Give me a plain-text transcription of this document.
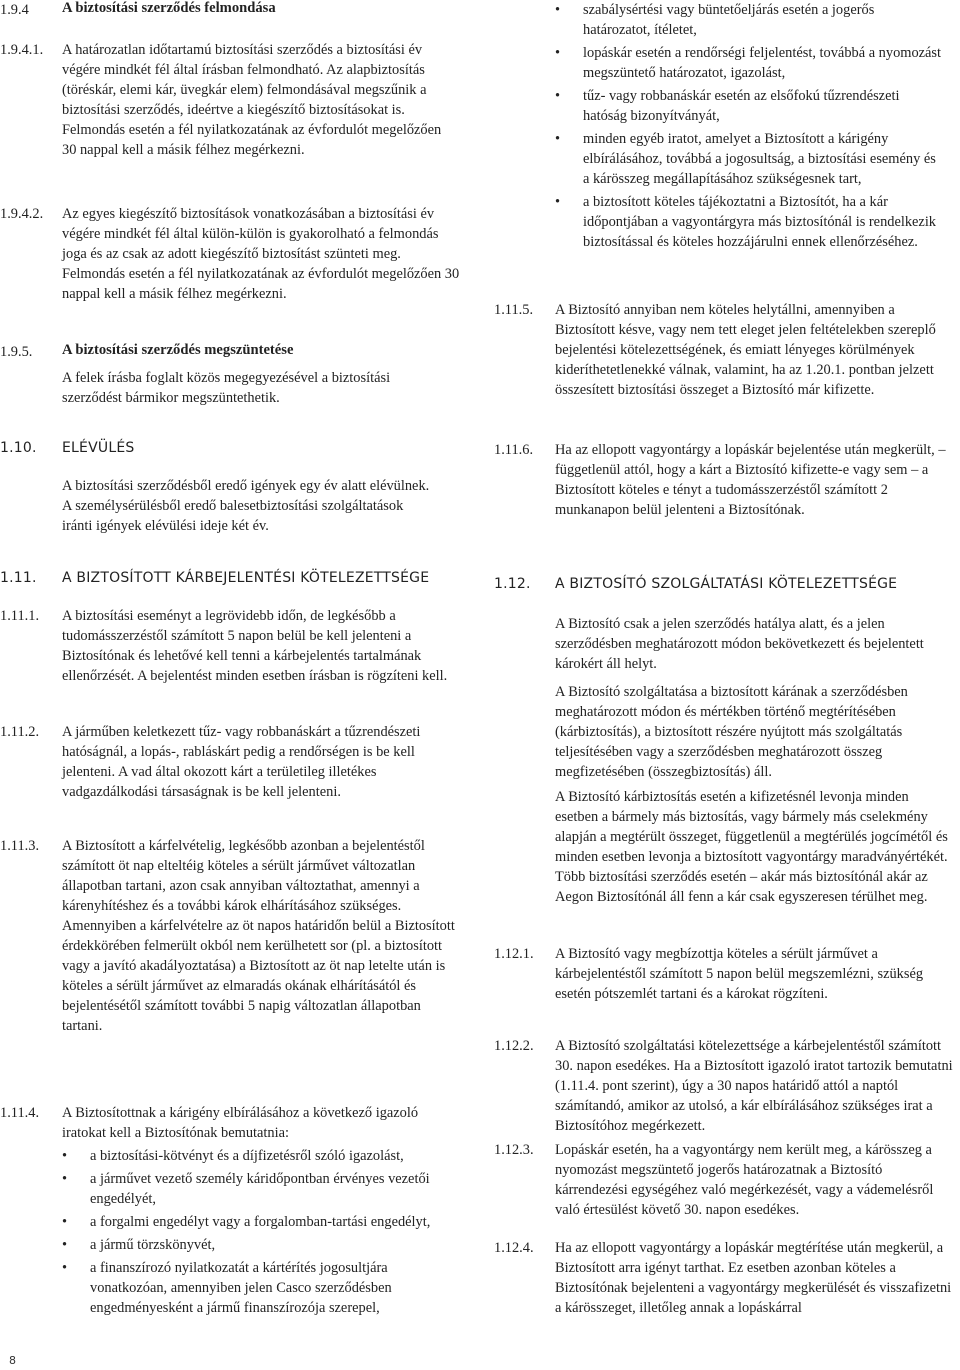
1.9.4 A biztosítási szerződés felmondása
1.9.4.1. A határozatlan időtartamú biztosítási szerződés a biztosítási év végére mindkét fél által írásban felmondható. Az alapbiztosítás (töréskár, elemi kár, üvegkár elem) felmondásával megszűnik a biztosítási szerződés, ideértve a kiegészítő biztosításokat is. Felmondás esetén a fél nyilatkozatának az évfordulót megelőzően 30 nappal kell a másik félhez megérkezni.

1.9.4.2. Az egyes kiegészítő biztosítások vonatkozásában a biztosítási év végére mindkét fél által külön-külön is gyakorolható a felmondás joga és az csak az adott kiegészítő biztosítást szünteti meg. Felmondás esetén a fél nyilatkozatának az évfordulót megelőzően 30 nappal kell a másik félhez megérkezni.

1.9.5. A biztosítási szerződés megszüntetése

A felek írásba foglalt közös megegyezésével a biztosítási szerződést bármikor megszüntethetik.

1.10. ELÉVÜLÉS

A biztosítási szerződésből eredő igények egy év alatt elévülnek. A személysérülésből eredő balesetbiztosítási szolgáltatások iránti igények elévülési ideje két év.

1.11. A BIZTOSÍTOTT KÁRBEJELENTÉSI KÖTELEZETTSÉGE
1.11.1. A biztosítási eseményt a legrövidebb időn, de legkésőbb a tudomásszerzéstől számított 5 napon belül be kell jelenteni a Biztosítónak és lehetővé kell tenni a kárbejelentés tartalmának ellenőrzését. A bejelentést minden esetben írásban is rögzíteni kell.

1.11.2. A járműben keletkezett tűz- vagy robbanáskárt a tűzrendészeti hatóságnál, a lopás-, rabláskárt pedig a rendőrségen is be kell jelenteni. A vad által okozott kárt a területileg illetékes vadgazdálkodási társaságnak is be kell jelenteni.

1.11.3. A Biztosított a kárfelvételig, legkésőbb azonban a bejelentéstől számított öt nap elteltéig köteles a sérült járművet változatlan állapotban tartani, azon csak annyiban változtathat, amennyi a kárenyhítéshez és a további károk elhárításához szükséges. Amennyiben a kárfelvételre az öt napos határidőn belül a Biztosított érdekkörében felmerült okból nem kerülhetett sor (pl. a biztosított vagy a javító akadályoztatása) a Biztosított az öt nap letelte után is köteles a sérült járművet az elmaradás okának elhárításától és bejelentésétől számított további 5 napig változatlan állapotban tartani.

1.11.4. A Biztosítottnak a kárigény elbírálásához a következő igazoló iratokat kell a Biztosítónak bemutatnia:

• a biztosítási-kötvényt és a díjfizetésről szóló igazolást,
• a járművet vezető személy káridőpontban érvényes vezetői engedélyét,
• a forgalmi engedélyt vagy a forgalomban-tartási engedélyt,
• a jármű törzskönyvét,
• a finanszírozó nyilatkozatát a kártérítés jogosultjára vonatkozóan, amennyiben jelen Casco szerződésben engedményesként a jármű finanszírozója szerepel,
• szabálysértési vagy büntetőeljárás esetén a jogerős határozatot, ítéletet,
• lopáskár esetén a rendőrségi feljelentést, továbbá a nyomozást megszüntető határozatot, igazolást,
• tűz- vagy robbanáskár esetén az elsőfokú tűzrendészeti hatóság bizonyítványát,
• minden egyéb iratot, amelyet a Biztosított a kárigény elbírálásához, továbbá a jogosultság, a biztosítási esemény és a kárösszeg megállapításához szükségesnek tart,
• a biztosított köteles tájékoztatni a Biztosítót, ha a kár időpontjában a vagyontárgyra más biztosítónál is rendelkezik biztosítással és köteles hozzájárulni ennek ellenőrzéséhez.
1.11.5. A Biztosító annyiban nem köteles helytállni, amennyiben a Biztosított késve, vagy nem tett eleget jelen feltételekben szereplő bejelentési kötelezettségének, és emiatt lényeges körülmények kideríthetetlenekké válnak, valamint, ha az 1.20.1. pontban jelzett összesített biztosítási összeget a Biztosító már kifizette.

1.11.6. Ha az ellopott vagyontárgy a lopáskár bejelentése után megkerült, – függetlenül attól, hogy a kárt a Biztosító kifizette-e vagy sem – a Biztosított köteles e tényt a tudomásszerzéstől számított 2 munkanapon belül jelenteni a Biztosítónak.

1.12. A BIZTOSÍTÓ SZOLGÁLTATÁSI KÖTELEZETTSÉGE

A Biztosító csak a jelen szerződés hatálya alatt, és a jelen szerződésben meghatározott módon bekövetkezett és bejelentett károkért áll helyt.

A Biztosító szolgáltatása a biztosított kárának a szerződésben meghatározott módon és mértékben történő megtérítésében (kárbiztosítás), a biztosított részére nyújtott más szolgáltatás teljesítésében vagy a szerződésben meghatározott összeg megfizetésében (összegbiztosítás) áll.

A Biztosító kárbiztosítás esetén a kifizetésnél levonja minden esetben a bármely más biztosítás, vagy bármely más cselekmény alapján a megtérült összeget, függetlenül a megtérülés jogcímétől és minden esetben levonja a biztosított vagyontárgy maradványértékét. Több biztosítási szerződés esetén – akár más biztosítónál akár az Aegon Biztosítónál áll fenn a kár csak egyszeresen térülhet meg.

1.12.1. A Biztosító vagy megbízottja köteles a sérült járművet a kárbejelentéstől számított 5 napon belül megszemlézni, szükség esetén pótszemlét tartani és a károkat rögzíteni.

1.12.2. A Biztosító szolgáltatási kötelezettsége a kárbejelentéstől számított 30. napon esedékes. Ha a Biztosított igazoló iratot tartozik bemutatni (1.11.4. pont szerint), úgy a 30 napos határidő attól a naptól számítandó, amikor az utolsó, a kár elbírálásához szükséges irat a Biztosítóhoz megérkezett.

1.12.3. Lopáskár esetén, ha a vagyontárgy nem került meg, a kárösszeg a nyomozást megszüntető jogerős határozatnak a Biztosító kárrendezési egységéhez való megérkezését, vagy a vádemelésről való értesülést követő 30. napon esedékes.

1.12.4. Ha az ellopott vagyontárgy a lopáskár megtérítése után megkerül, a Biztosított arra igényt tarthat. Ez esetben azonban köteles a Biztosítónak bejelenteni a vagyontárgy megkerülését és visszafizetni a kárösszeget, illetőleg annak a lopáskárral

8
